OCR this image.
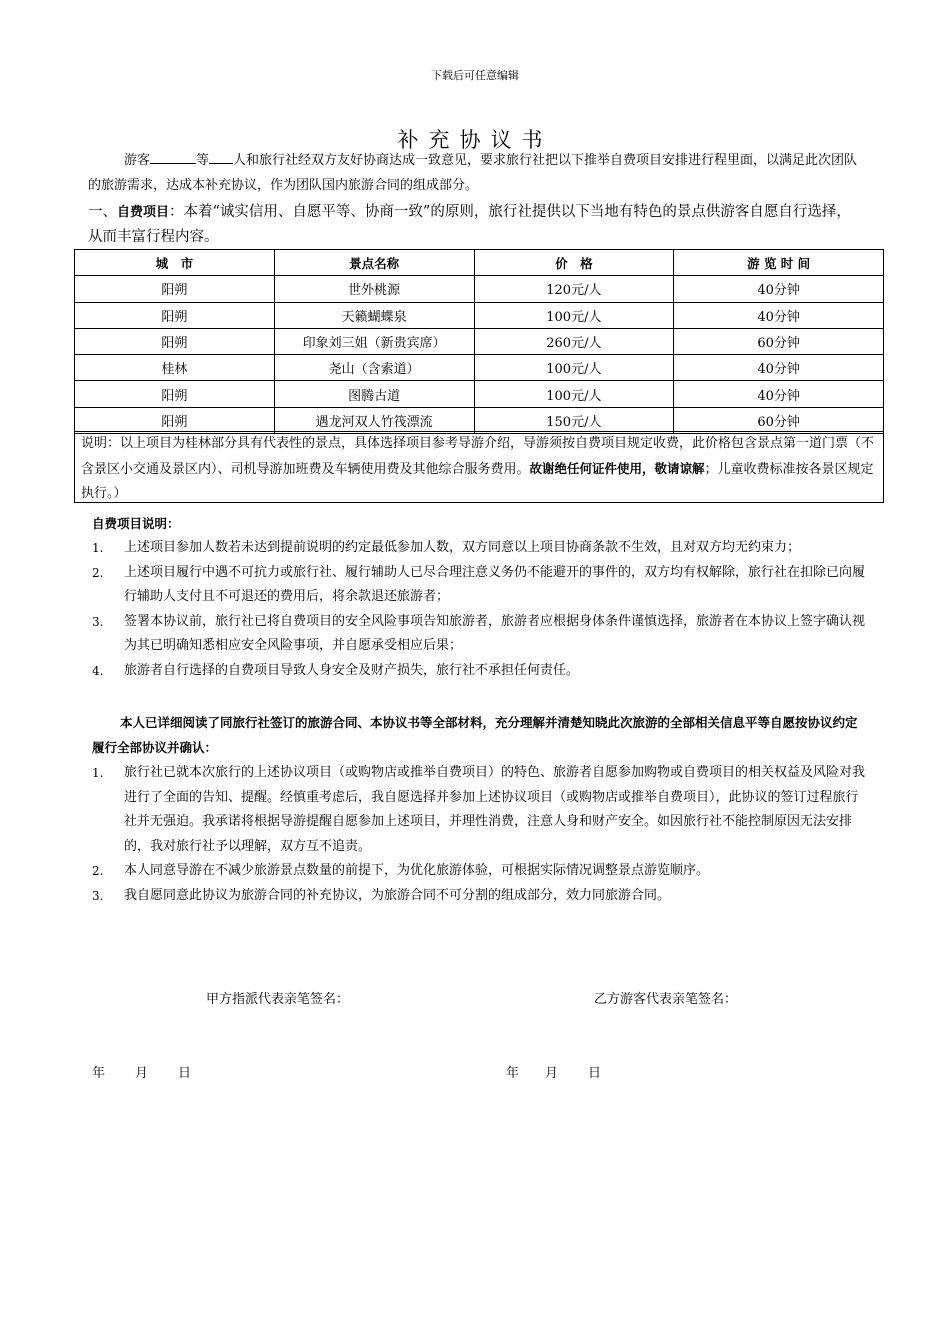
下载后可任意编辑
补充协议书
游客	等 人和旅行社经双方友好协商达成一致意见，要求旅行社把以下推举自费项目安排进行程里面，以满足此次团队的旅游需求，达成本补充协议，作为团队国内旅游合同的组成部分。
一、自费项目：本着“诚实信用、自愿平等、协商一致”的原则，旅行社提供以下当地有特色的景点供游客自愿自行选择，从而丰富行程内容。
城　市	景点名称	价　格	游 览 时 间
阳朔	世外桃源	120元/人	40分钟
阳朔	天籁蝴蝶泉	100元/人	40分钟
阳朔	印象刘三姐（新贵宾席）	260元/人	60分钟
桂林	尧山（含索道）	100元/人	40分钟
阳朔	图腾古道	100元/人	40分钟
阳朔	遇龙河双人竹筏漂流	150元/人	60分钟
说明：以上项目为桂林部分具有代表性的景点，具体选择项目参考导游介绍，导游须按自费项目规定收费，此价格包含景点第一道门票（不含景区小交通及景区内）、司机导游加班费及车辆使用费及其他综合服务费用。故谢绝任何证件使用，敬请谅解；儿童收费标准按各景区规定执行。）
自费项目说明：
1. 上述项目参加人数若未达到提前说明的约定最低参加人数，双方同意以上项目协商条款不生效，且对双方均无约束力；
2. 上述项目履行中遇不可抗力或旅行社、履行辅助人已尽合理注意义务仍不能避开的事件的，双方均有权解除，旅行社在扣除已向履行辅助人支付且不可退还的费用后，将余款退还旅游者；
3. 签署本协议前，旅行社已将自费项目的安全风险事项告知旅游者，旅游者应根据身体条件谨慎选择，旅游者在本协议上签字确认视为其已明确知悉相应安全风险事项，并自愿承受相应后果；
4. 旅游者自行选择的自费项目导致人身安全及财产损失，旅行社不承担任何责任。
本人已详细阅读了同旅行社签订的旅游合同、本协议书等全部材料，充分理解并清楚知晓此次旅游的全部相关信息平等自愿按协议约定履行全部协议并确认：
1. 旅行社已就本次旅行的上述协议项目（或购物店或推举自费项目）的特色、旅游者自愿参加购物或自费项目的相关权益及风险对我进行了全面的告知、提醒。经慎重考虑后，我自愿选择并参加上述协议项目（或购物店或推举自费项目），此协议的签订过程旅行社并无强迫。我承诺将根据导游提醒自愿参加上述项目，并理性消费，注意人身和财产安全。如因旅行社不能控制原因无法安排的，我对旅行社予以理解，双方互不追责。
2. 本人同意导游在不减少旅游景点数量的前提下，为优化旅游体验，可根据实际情况调整景点游览顺序。
3. 我自愿同意此协议为旅游合同的补充协议，为旅游合同不可分割的组成部分，效力同旅游合同。
甲方指派代表亲笔签名：	乙方游客代表亲笔签名：
年 月 日	年 月 日
